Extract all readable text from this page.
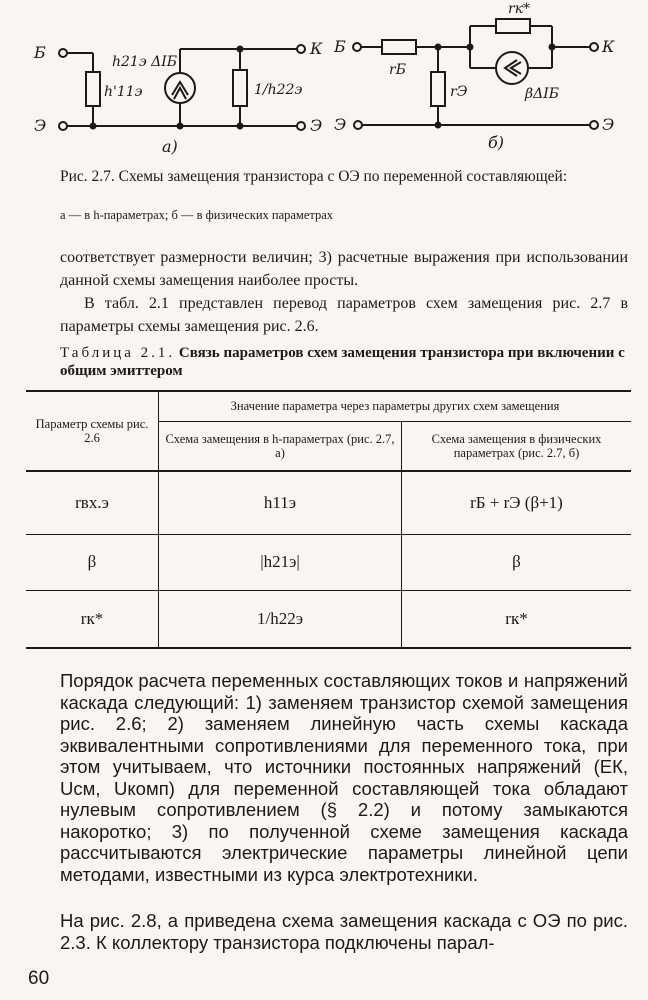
Б
Э
К
Э
h'11э
h21э ΔIБ
1/h22э
а)
Б
Э
К
Э
rБ
rЭ
rк*
βΔIБ
б)
Рис. 2.7. Схемы замещения транзистора с ОЭ по переменной составляющей:
а — в h-параметрах; б — в физических параметрах

соответствует размерности величин; 3) расчетные выражения при использовании данной схемы замещения наиболее просты.

В табл. 2.1 представлен перевод параметров схем замещения рис. 2.7 в параметры схемы замещения рис. 2.6.

Таблица 2.1. Связь параметров схем замещения транзистора при включении с общим эмиттером
Параметр схемы рис. 2.6	Значение параметра через параметры других схем замещения	
	Схема замещения в h-параметрах (рис. 2.7, а)	Схема замещения в физических параметрах (рис. 2.7, б)
rвх.э	h11э	rБ + rЭ (β+1)
β	|h21э|	β
rк*	1/h22э	rк*

Порядок расчета переменных составляющих токов и напряжений каскада следующий: 1) заменяем транзистор схемой замещения рис. 2.6; 2) заменяем линейную часть схемы каскада эквивалентными сопротивлениями для переменного тока, при этом учитываем, что источники постоянных напряжений (EК, Uсм, Uкомп) для переменной составляющей тока обладают нулевым сопротивлением (§ 2.2) и потому замыкаются накоротко; 3) по полученной схеме замещения каскада рассчитываются электрические параметры линейной цепи методами, известными из курса электротехники.

На рис. 2.8, а приведена схема замещения каскада с ОЭ по рис. 2.3. К коллектору транзистора подключены парал-

60
